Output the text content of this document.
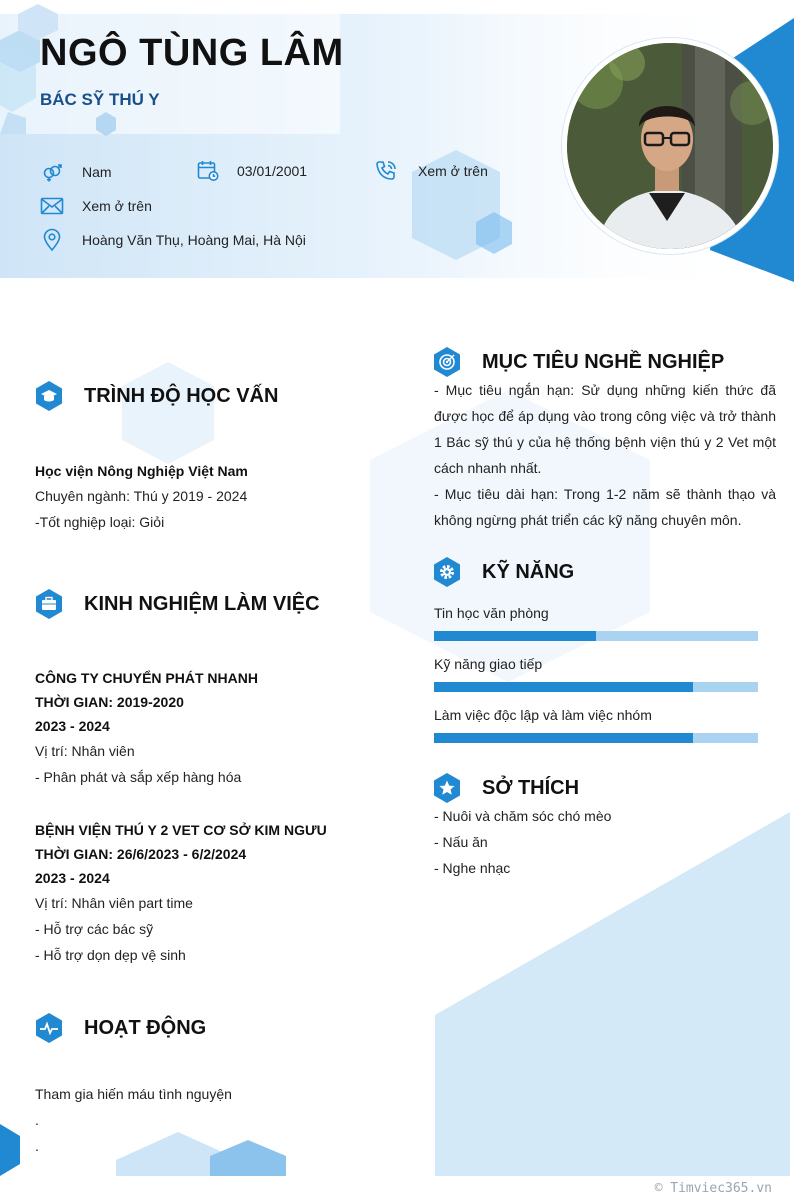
NGÔ TÙNG LÂM
BÁC SỸ THÚ Y
Nam	03/01/2001	Xem ở trên
Xem ở trên
Hoàng Văn Thụ, Hoàng Mai, Hà Nội
TRÌNH ĐỘ HỌC VẤN
Học viện Nông Nghiệp Việt Nam
Chuyên ngành: Thú y 2019 - 2024
-Tốt nghiệp loại: Giỏi
KINH NGHIỆM LÀM VIỆC
CÔNG TY CHUYỂN PHÁT NHANH
THỜI GIAN: 2019-2020
2023 - 2024
Vị trí: Nhân viên
- Phân phát và sắp xếp hàng hóa
BỆNH VIỆN THÚ Y 2 VET CƠ SỞ KIM NGƯU
THỜI GIAN: 26/6/2023 - 6/2/2024
2023 - 2024
Vị trí: Nhân viên part time
- Hỗ trợ các bác sỹ
- Hỗ trợ dọn dẹp vệ sinh
HOẠT ĐỘNG
Tham gia hiến máu tình nguyện
.
.
MỤC TIÊU NGHỀ NGHIỆP
- Mục tiêu ngắn hạn: Sử dụng những kiến thức đã được học để áp dụng vào trong công việc và trở thành 1 Bác sỹ thú y của hệ thống bệnh viện thú y 2 Vet một cách nhanh nhất.
- Mục tiêu dài hạn: Trong 1-2 năm sẽ thành thạo và không ngừng phát triển các kỹ năng chuyên môn.
KỸ NĂNG
Tin học văn phòng
Kỹ năng giao tiếp
Làm việc độc lập và làm việc nhóm
SỞ THÍCH
- Nuôi và chăm sóc chó mèo
- Nấu ăn
- Nghe nhạc
© Timviec365.vn
